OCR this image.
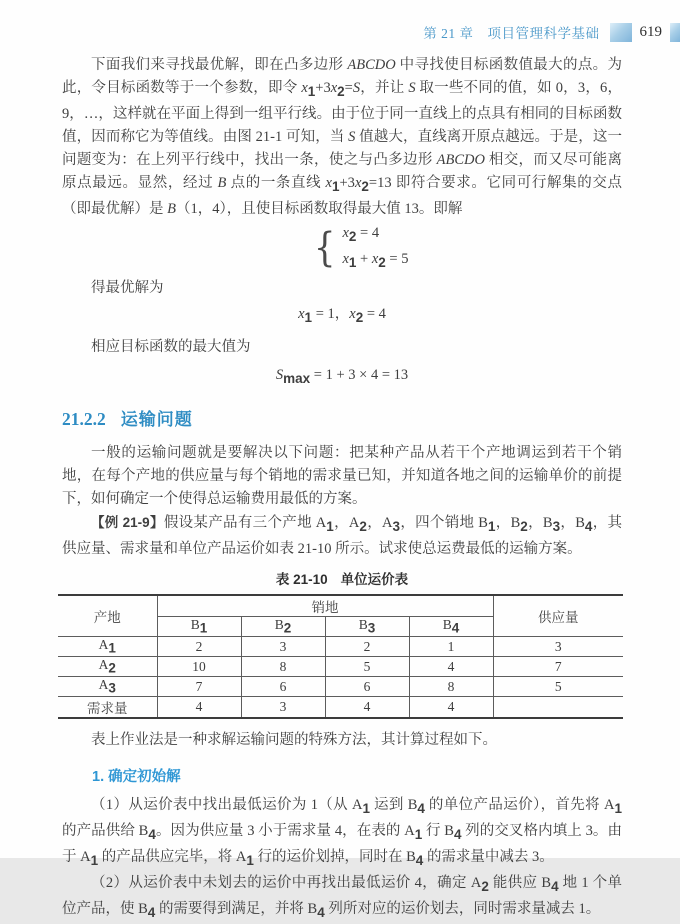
第 21 章　项目管理科学基础	619

下面我们来寻找最优解，即在凸多边形 ABCDO 中寻找使目标函数值最大的点。为此，令目标函数等于一个参数，即令 $x_1+3x_2=S$，并让 S 取一些不同的值，如 0，3，6，9，…，这样就在平面上得到一组平行线。由于位于同一直线上的点具有相同的目标函数值，因而称它为等值线。由图 21-1 可知，当 S 值越大，直线离开原点越远。于是，这一问题变为：在上列平行线中，找出一条，使之与凸多边形 ABCDO 相交，而又尽可能离原点最远。显然，经过 B 点的一条直线 $x_1+3x_2=13$ 即符合要求。它同可行解集的交点（即最优解）是 B（1，4），且使目标函数取得最大值 13。即解

{ $x_2 = 4$
$x_1 + x_2 = 5$

得最优解为

$x_1 = 1$，$x_2 = 4$

相应目标函数的最大值为

$S_{max} = 1 + 3 \times 4 = 13$

21.2.2 运输问题

一般的运输问题就是要解决以下问题：把某种产品从若干个产地调运到若干个销地，在每个产地的供应量与每个销地的需求量已知，并知道各地之间的运输单价的前提下，如何确定一个使得总运输费用最低的方案。

【例 21-9】假设某产品有三个产地 $A_1$，$A_2$，$A_3$，四个销地 $B_1$，$B_2$，$B_3$，$B_4$，其供应量、需求量和单位产品运价如表 21-10 所示。试求使总运费最低的运输方案。

表 21-10 单位运价表
产地	销地				供应量
	$B_1$	$B_2$	$B_3$	$B_4$
$A_1$	2	3	2	1	3
$A_2$	10	8	5	4	7
$A_3$	7	6	6	8	5
需求量	4	3	4	4	

表上作业法是一种求解运输问题的特殊方法，其计算过程如下。

1. 确定初始解

（1）从运价表中找出最低运价为 1（从 $A_1$ 运到 $B_4$ 的单位产品运价），首先将 $A_1$ 的产品供给 $B_4$。因为供应量 3 小于需求量 4，在表的 $A_1$ 行 $B_4$ 列的交叉格内填上 3。由于 $A_1$ 的产品供应完毕，将 $A_1$ 行的运价划掉，同时在 $B_4$ 的需求量中减去 3。

（2）从运价表中未划去的运价中再找出最低运价 4，确定 $A_2$ 能供应 $B_4$ 地 1 个单位产品，使 $B_4$ 的需要得到满足，并将 $B_4$ 列所对应的运价划去，同时需求量减去 1。
